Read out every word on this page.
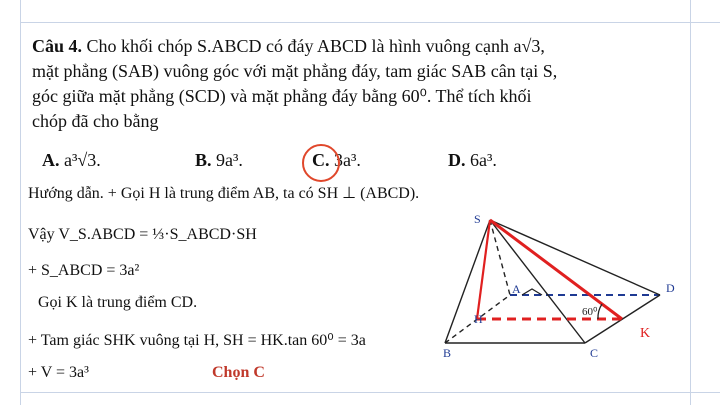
Câu 4. Cho khối chóp S.ABCD có đáy ABCD là hình vuông cạnh a√3,
mặt phẳng (SAB) vuông góc với mặt phẳng đáy, tam giác SAB cân tại S,
góc giữa mặt phẳng (SCD) và mặt phẳng đáy bằng 60⁰. Thể tích khối
chóp đã cho bằng
A. a³√3.	B. 9a³.	C. 3a³.	D. 6a³.
Hướng dẫn. + Gọi H là trung điểm AB, ta có SH ⊥ (ABCD).
Vậy V_S.ABCD = ⅓·S_ABCD·SH
+ S_ABCD = 3a²
Gọi K là trung điểm CD.
+ Tam giác SHK vuông tại H, SH = HK.tan 60⁰ = 3a
+ V = 3a³	Chọn C
S
A
B	C
D
H
K
60⁰
